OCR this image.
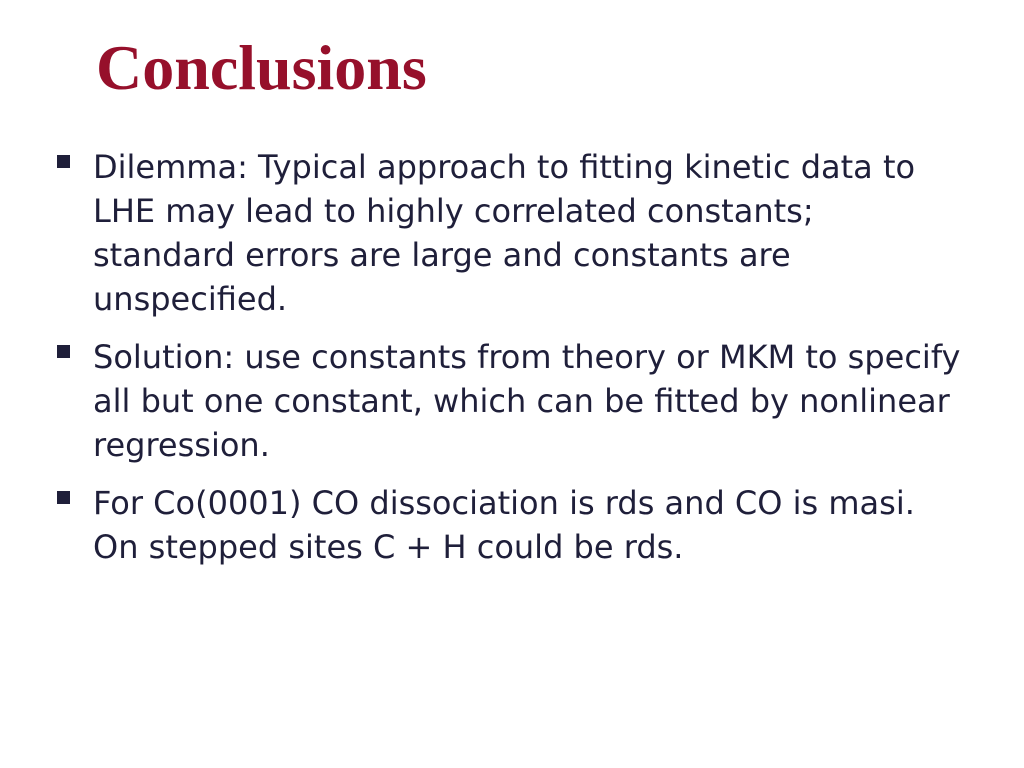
Conclusions
Dilemma: Typical approach to fitting kinetic data to LHE may lead to highly correlated constants; standard errors are large and constants are unspecified.
Solution: use constants from theory or MKM to specify all but one constant, which can be fitted by nonlinear regression.
For Co(0001) CO dissociation is rds and CO is masi. On stepped sites C + H could be rds.
